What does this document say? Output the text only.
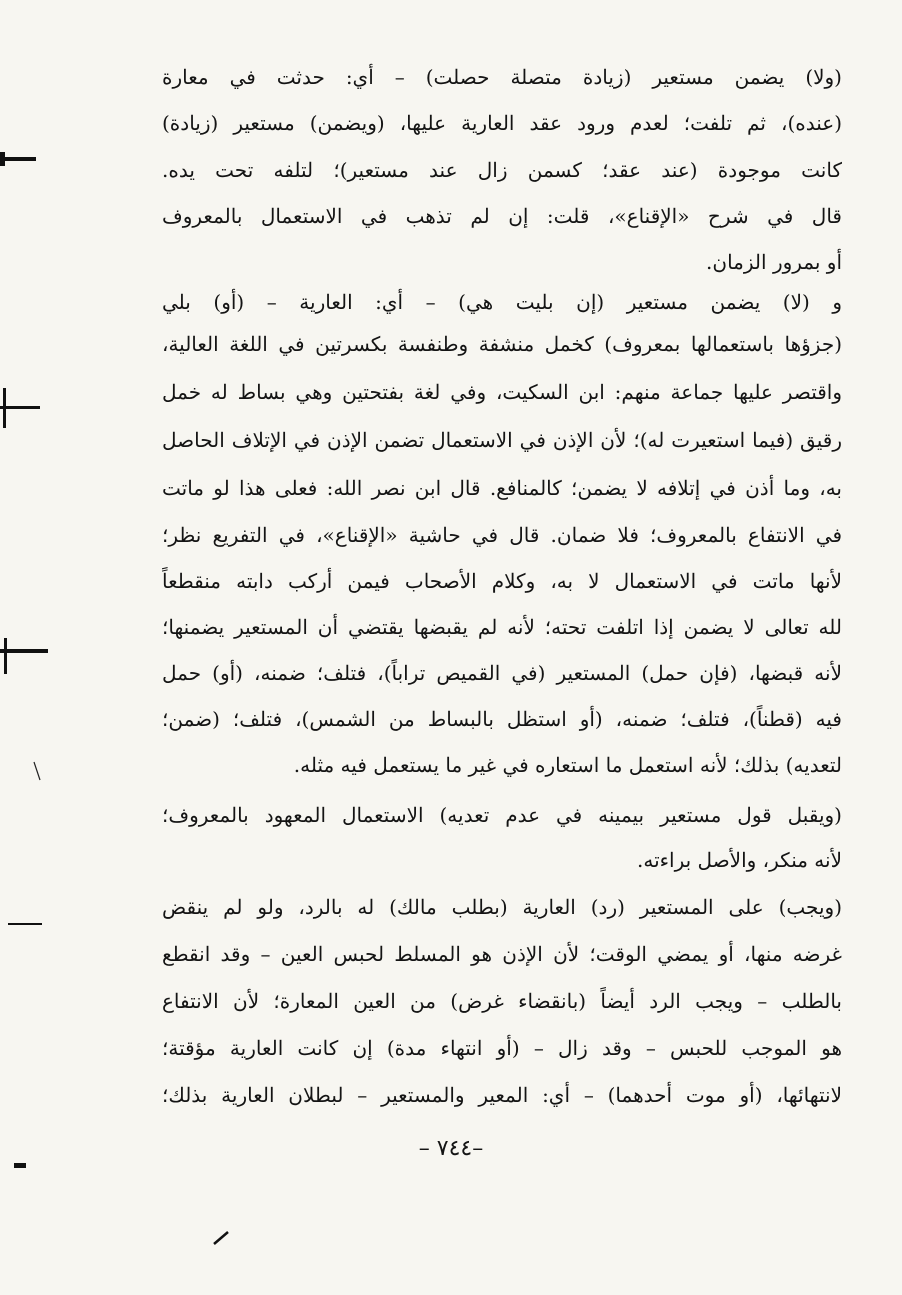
(ولا) يضمن مستعير (زيادة متصلة حصلت) – أي: حدثت في معارة
(عنده)، ثم تلفت؛ لعدم ورود عقد العارية عليها، (ويضمن) مستعير (زيادة)
كانت موجودة (عند عقد؛ كسمن زال عند مستعير)؛ لتلفه تحت يده.
قال في شرح «الإقناع»، قلت: إن لم تذهب في الاستعمال بالمعروف
أو بمرور الزمان.
و (لا) يضمن مستعير (إن بليت هي) – أي: العارية – (أو) بلي
(جزؤها باستعمالها بمعروف) كخمل منشفة وطنفسة بكسرتين في اللغة العالية،
واقتصر عليها جماعة منهم: ابن السكيت، وفي لغة بفتحتين وهي بساط له خمل
رقيق (فيما استعيرت له)؛ لأن الإذن في الاستعمال تضمن الإذن في الإتلاف الحاصل
به، وما أذن في إتلافه لا يضمن؛ كالمنافع. قال ابن نصر الله: فعلى هذا لو ماتت
في الانتفاع بالمعروف؛ فلا ضمان. قال في حاشية «الإقناع»، في التفريع نظر؛
لأنها ماتت في الاستعمال لا به، وكلام الأصحاب فيمن أركب دابته منقطعاً
لله تعالى لا يضمن إذا اتلفت تحته؛ لأنه لم يقبضها يقتضي أن المستعير يضمنها؛
لأنه قبضها، (فإن حمل) المستعير (في القميص تراباً)، فتلف؛ ضمنه، (أو) حمل
فيه (قطناً)، فتلف؛ ضمنه، (أو استظل بالبساط من الشمس)، فتلف؛ (ضمن؛
لتعديه) بذلك؛ لأنه استعمل ما استعاره في غير ما يستعمل فيه مثله.
(ويقبل قول مستعير بيمينه في عدم تعديه) الاستعمال المعهود بالمعروف؛
لأنه منكر، والأصل براءته.
(ويجب) على المستعير (رد) العارية (بطلب مالك) له بالرد، ولو لم ينقض
غرضه منها، أو يمضي الوقت؛ لأن الإذن هو المسلط لحبس العين – وقد انقطع
بالطلب – ويجب الرد أيضاً (بانقضاء غرض) من العين المعارة؛ لأن الانتفاع
هو الموجب للحبس – وقد زال – (أو انتهاء مدة) إن كانت العارية مؤقتة؛
لانتهائها، (أو موت أحدهما) – أي: المعير والمستعير – لبطلان العارية بذلك؛
–٧٤٤ –
